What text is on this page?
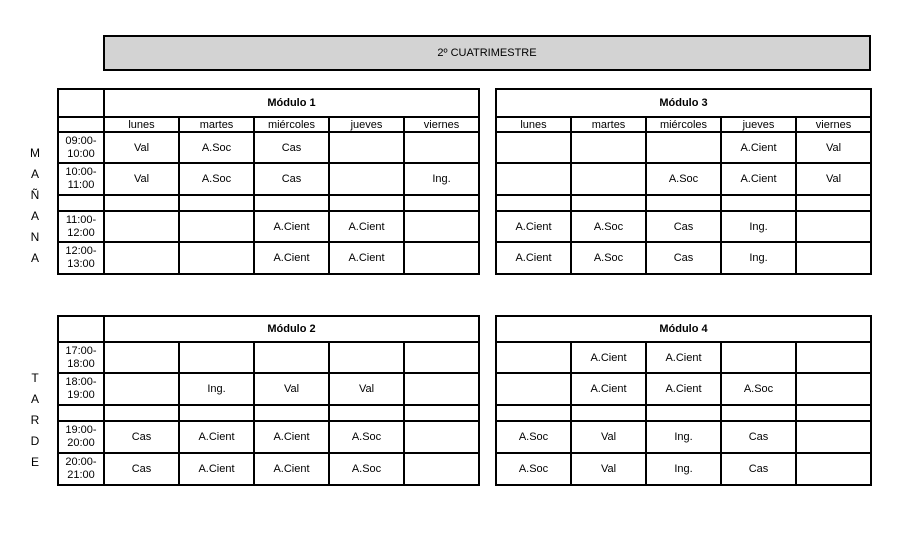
2º CUATRIMESTRE
MAÑANA
TARDE
	Módulo 1				
	lunes	martes	miércoles	jueves	viernes

09:00-
10:00	Val	A.Soc	Cas		

10:00-
11:00	Val	A.Soc	Cas		Ing.

11:00-
12:00			A.Cient	A.Cient	

12:00-
13:00			A.Cient	A.Cient	
Módulo 3				
lunes	martes	miércoles	jueves	viernes
			A.Cient	Val
		A.Soc	A.Cient	Val

A.Cient	A.Soc	Cas	Ing.	
A.Cient	A.Soc	Cas	Ing.	
	Módulo 2				

17:00-
18:00					

18:00-
19:00		Ing.	Val	Val	

19:00-
20:00	Cas	A.Cient	A.Cient	A.Soc	

20:00-
21:00	Cas	A.Cient	A.Cient	A.Soc	
Módulo 4				
	A.Cient	A.Cient		
	A.Cient	A.Cient	A.Soc	

A.Soc	Val	Ing.	Cas	
A.Soc	Val	Ing.	Cas	
